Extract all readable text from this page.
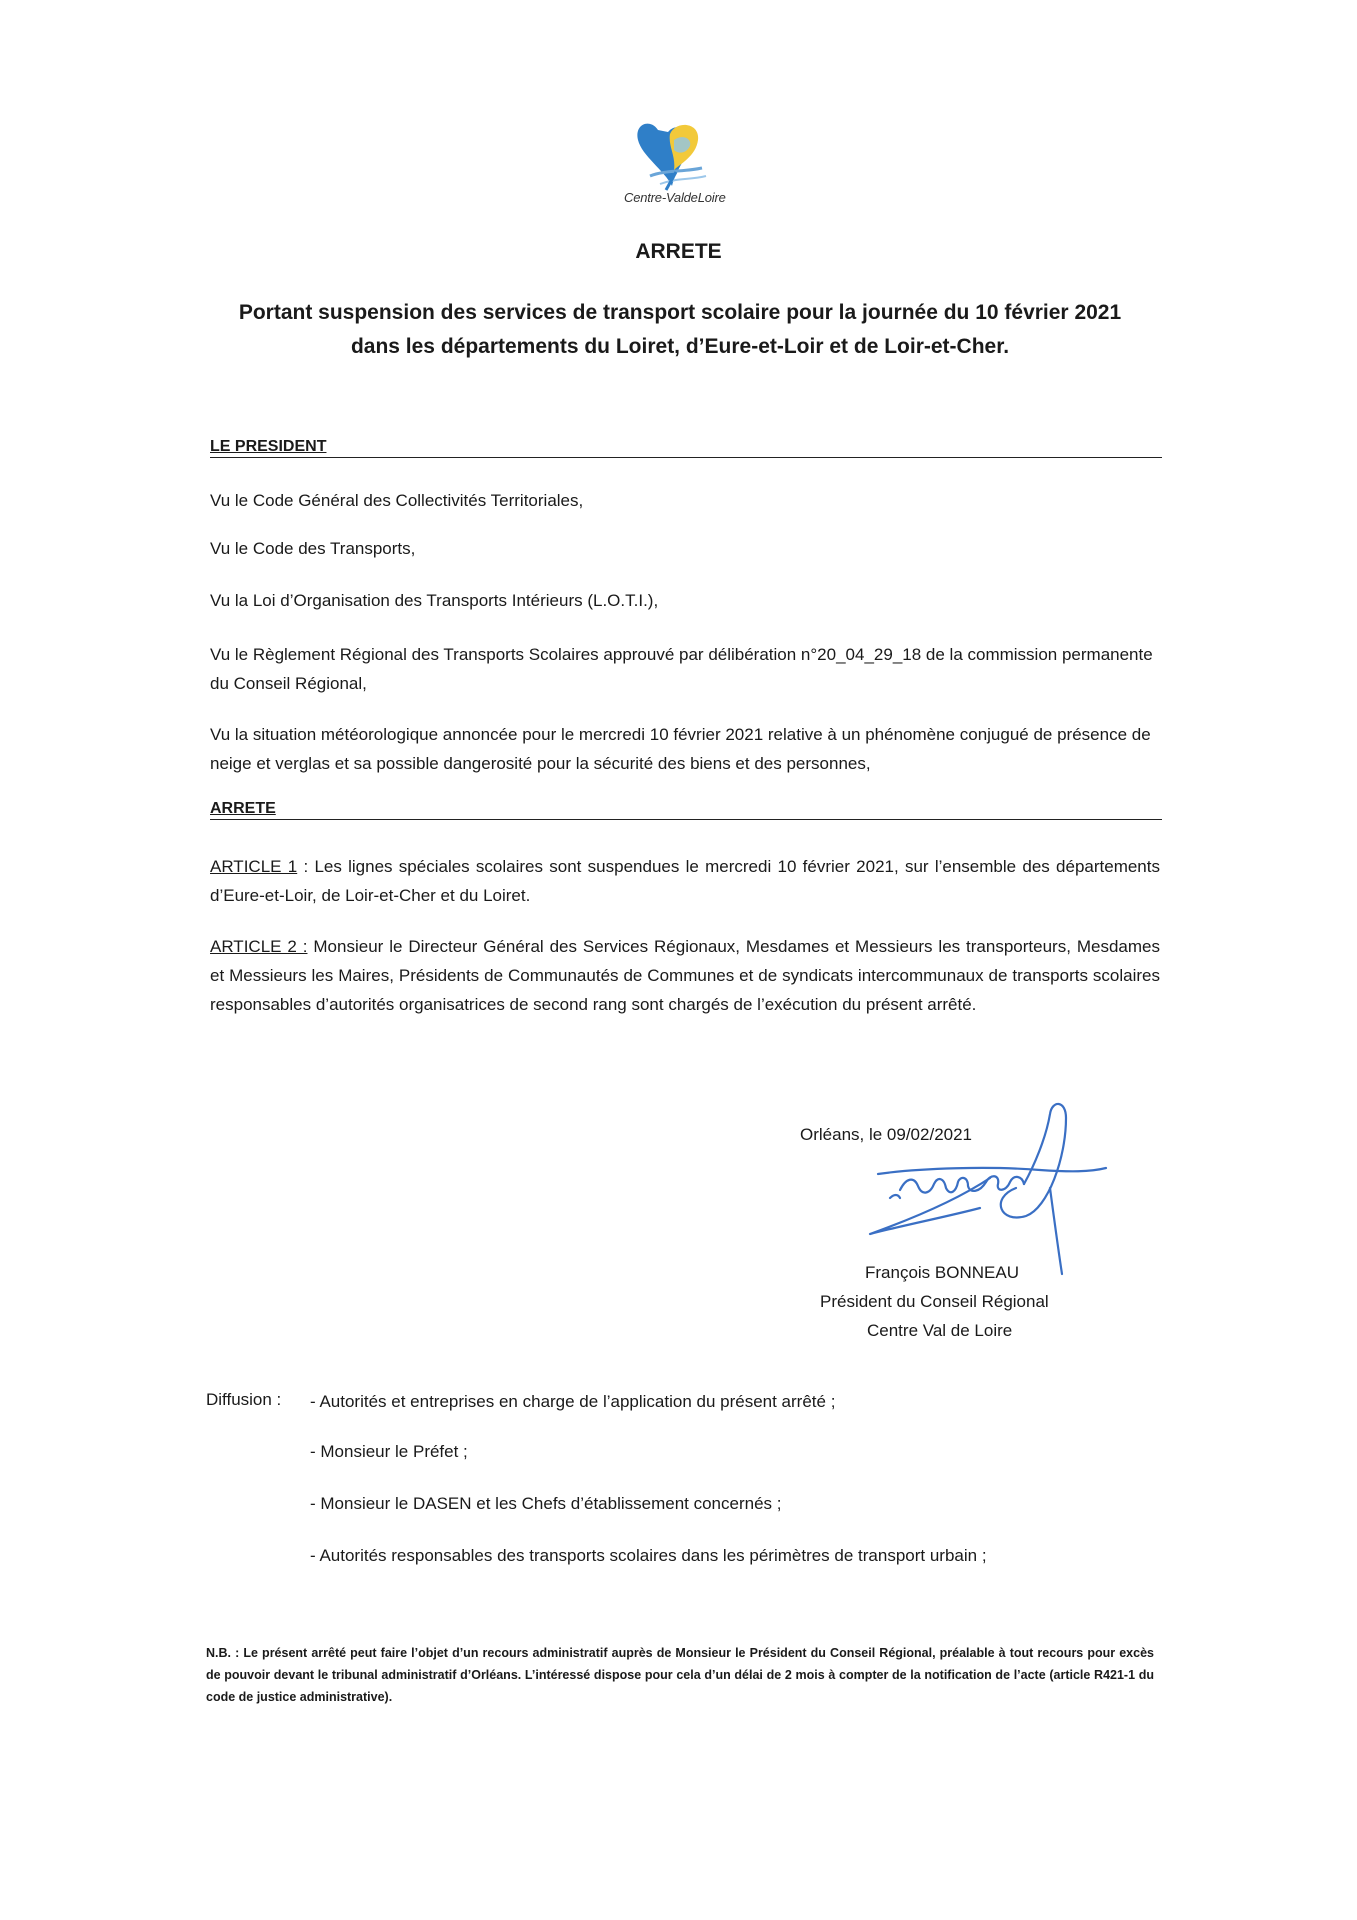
Centre-ValdeLoire
ARRETE
Portant suspension des services de transport scolaire pour la journée du 10 février 2021
dans les départements du Loiret, d’Eure-et-Loir et de Loir-et-Cher.
LE PRESIDENT
Vu le Code Général des Collectivités Territoriales,
Vu le Code des Transports,
Vu la Loi d’Organisation des Transports Intérieurs (L.O.T.I.),
Vu le Règlement Régional des Transports Scolaires approuvé par délibération n°20_04_29_18 de la commission permanente du Conseil Régional,
Vu la situation météorologique annoncée pour le mercredi 10 février 2021 relative à un phénomène conjugué de présence de neige et verglas et sa possible dangerosité pour la sécurité des biens et des personnes,
ARRETE
ARTICLE 1 : Les lignes spéciales scolaires sont suspendues le mercredi 10 février 2021, sur l’ensemble des départements d’Eure-et-Loir, de Loir-et-Cher et du Loiret.
ARTICLE 2 : Monsieur le Directeur Général des Services Régionaux, Mesdames et Messieurs les transporteurs, Mesdames et Messieurs les Maires, Présidents de Communautés de Communes et de syndicats intercommunaux de transports scolaires responsables d’autorités organisatrices de second rang sont chargés de l’exécution du présent arrêté.
Orléans, le 09/02/2021
François BONNEAU
Président du Conseil Régional
Centre Val de Loire
Diffusion : - Autorités et entreprises en charge de l’application du présent arrêté ;
- Monsieur le Préfet ;
- Monsieur le DASEN et les Chefs d’établissement concernés ;
- Autorités responsables des transports scolaires dans les périmètres de transport urbain ;
N.B. : Le présent arrêté peut faire l’objet d’un recours administratif auprès de Monsieur le Président du Conseil Régional, préalable à tout recours pour excès de pouvoir devant le tribunal administratif d’Orléans. L’intéressé dispose pour cela d’un délai de 2 mois à compter de la notification de l’acte (article R421-1 du code de justice administrative).
